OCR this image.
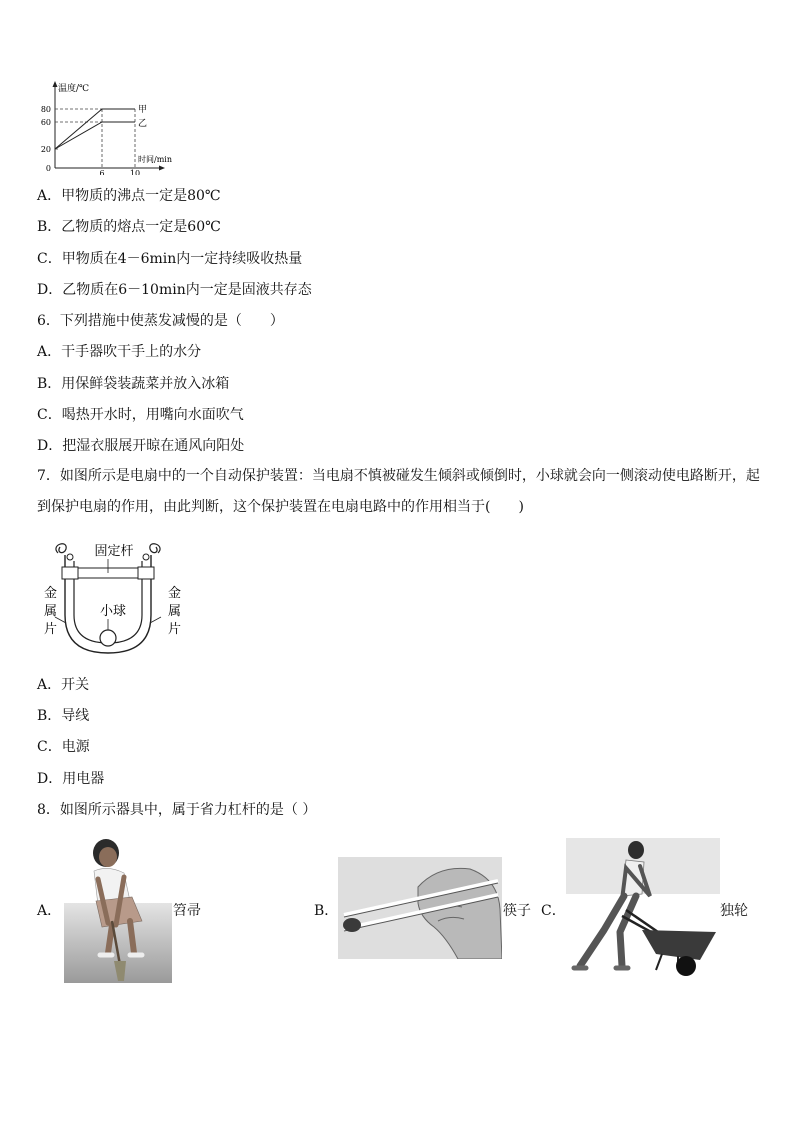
温度/℃
80
60
20
0
6	10
时间/min
甲
乙
A．甲物质的沸点一定是80℃
B．乙物质的熔点一定是60℃
C．甲物质在4－6min内一定持续吸收热量
D．乙物质在6－10min内一定是固液共存态
6．下列措施中使蒸发减慢的是（　　）
A．干手器吹干手上的水分
B．用保鲜袋装蔬菜并放入冰箱
C．喝热开水时，用嘴向水面吹气
D．把湿衣服展开晾在通风向阳处
7．如图所示是电扇中的一个自动保护装置：当电扇不慎被碰发生倾斜或倾倒时，小球就会向一侧滚动使电路断开，起到保护电扇的作用，由此判断，这个保护装置在电扇电路中的作用相当于(　　)
固定杆
小球
金
属
片
金
属
片
A．开关
B．导线
C．电源
D．用电器
8．如图所示器具中，属于省力杠杆的是（ ）
A．	笤帚	B．	筷子 C．	独轮
